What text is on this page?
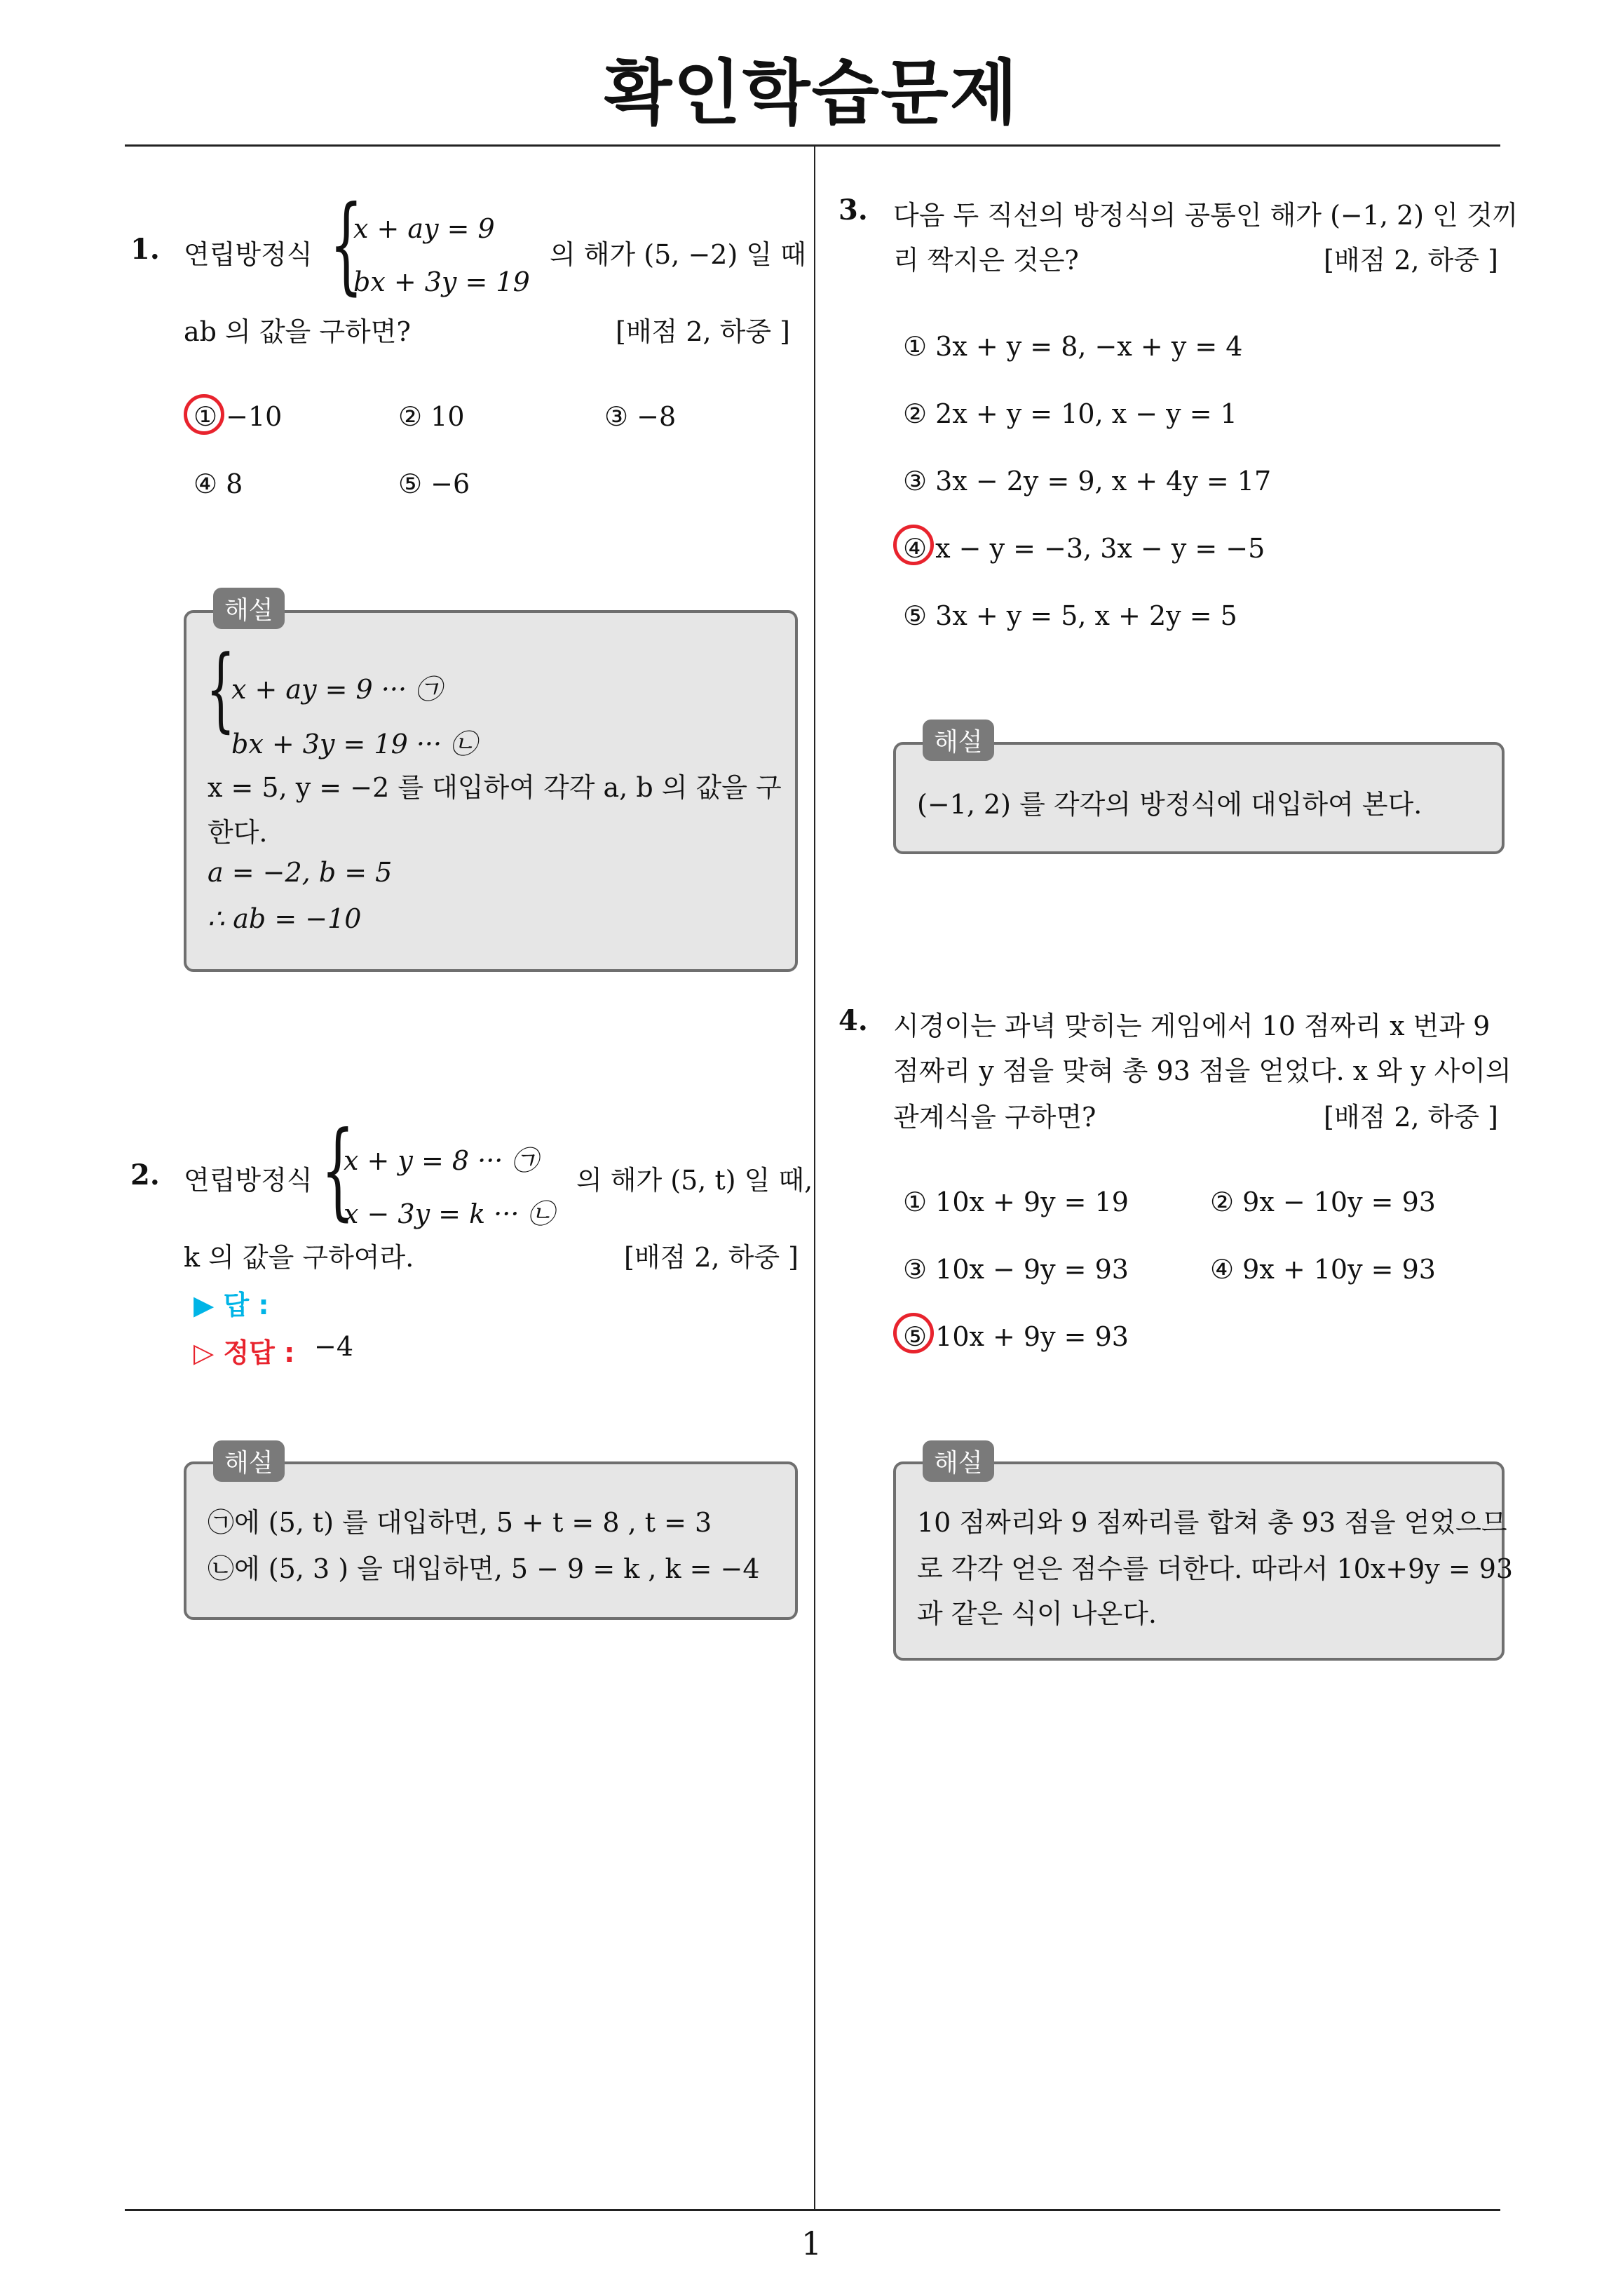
확인학습문제
1
1. 연립방정식 {
x + ay = 9
bx + 3y = 19
의 해가 (5, −2) 일 때
ab 의 값을 구하면?	[배점 2, 하중 ]
① −10	② 10	③ −8
④ 8	⑤ −6
해설
{
x + ay = 9 ··· ㉠
bx + 3y = 19 ··· ㉡
x = 5, y = −2 를 대입하여 각각 a, b 의 값을 구
한다.
a = −2, b = 5
∴ ab = −10
2. 연립방정식 {
x + y = 8 ··· ㉠
x − 3y = k ··· ㉡
의 해가 (5, t) 일 때,
k 의 값을 구하여라.	[배점 2, 하중 ]
▶ 답 :
▷ 정답 : −4
해설
㉠에 (5, t) 를 대입하면, 5 + t = 8 , t = 3
㉡에 (5, 3 ) 을 대입하면, 5 − 9 = k , k = −4
3. 다음 두 직선의 방정식의 공통인 해가 (−1, 2) 인 것끼
리 짝지은 것은?	[배점 2, 하중 ]
① 3x + y = 8, −x + y = 4
② 2x + y = 10, x − y = 1
③ 3x − 2y = 9, x + 4y = 17
④ x − y = −3, 3x − y = −5
⑤ 3x + y = 5, x + 2y = 5
해설
(−1, 2) 를 각각의 방정식에 대입하여 본다.
4. 시경이는 과녁 맞히는 게임에서 10 점짜리 x 번과 9
점짜리 y 점을 맞혀 총 93 점을 얻었다. x 와 y 사이의
관계식을 구하면?	[배점 2, 하중 ]
① 10x + 9y = 19	② 9x − 10y = 93
③ 10x − 9y = 93	④ 9x + 10y = 93
⑤ 10x + 9y = 93
해설
10 점짜리와 9 점짜리를 합쳐 총 93 점을 얻었으므
로 각각 얻은 점수를 더한다. 따라서 10x+9y = 93
과 같은 식이 나온다.
